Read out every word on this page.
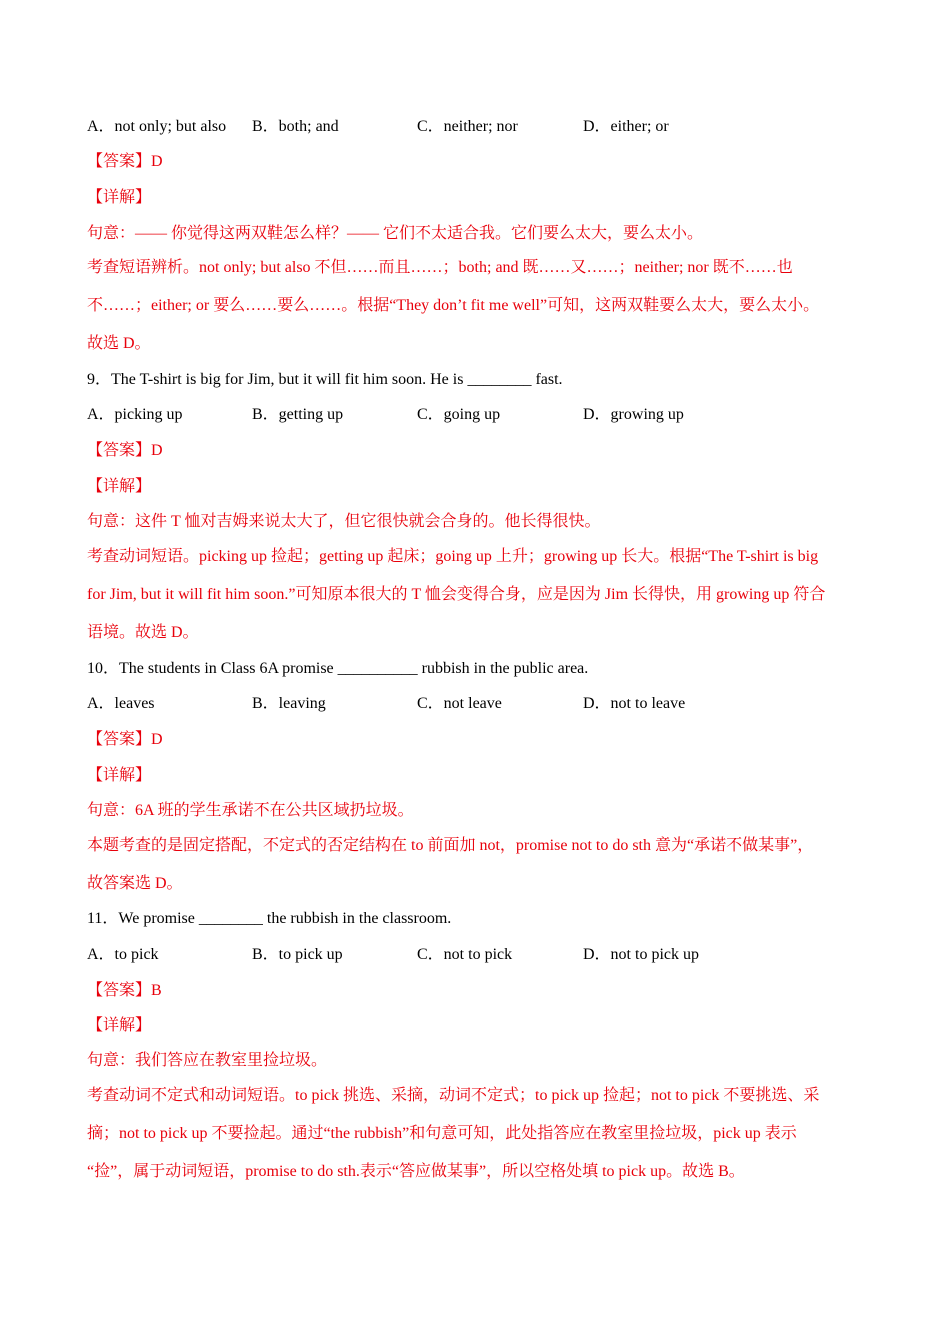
A．not only; but also B．both; and	C．neither; nor	D．either; or
【答案】D
【详解】
句意：—— 你觉得这两双鞋怎么样？—— 它们不太适合我。它们要么太大，要么太小。
考查短语辨析。not only; but also 不但……而且……；both; and 既……又……；neither; nor 既不……也
不……；either; or 要么……要么……。根据“They don’t fit me well”可知，这两双鞋要么太大，要么太小。
故选 D。
9．The T-shirt is big for Jim, but it will fit him soon. He is ________ fast.
A．picking up	B．getting up	C．going up	D．growing up
【答案】D
【详解】
句意：这件 T 恤对吉姆来说太大了，但它很快就会合身的。他长得很快。
考查动词短语。picking up 捡起；getting up 起床；going up 上升；growing up 长大。根据“The T-shirt is big
for Jim, but it will fit him soon.”可知原本很大的 T 恤会变得合身，应是因为 Jim 长得快，用 growing up 符合
语境。故选 D。
10．The students in Class 6A promise __________ rubbish in the public area.
A．leaves	B．leaving	C．not leave	D．not to leave
【答案】D
【详解】
句意：6A 班的学生承诺不在公共区域扔垃圾。
本题考查的是固定搭配，不定式的否定结构在 to 前面加 not，promise not to do sth 意为“承诺不做某事”，
故答案选 D。
11．We promise ________ the rubbish in the classroom.
A．to pick	B．to pick up	C．not to pick	D．not to pick up
【答案】B
【详解】
句意：我们答应在教室里捡垃圾。
考查动词不定式和动词短语。to pick 挑选、采摘，动词不定式；to pick up 捡起；not to pick 不要挑选、采
摘；not to pick up 不要捡起。通过“the rubbish”和句意可知，此处指答应在教室里捡垃圾，pick up 表示
“捡”，属于动词短语，promise to do sth.表示“答应做某事”，所以空格处填 to pick up。故选 B。
